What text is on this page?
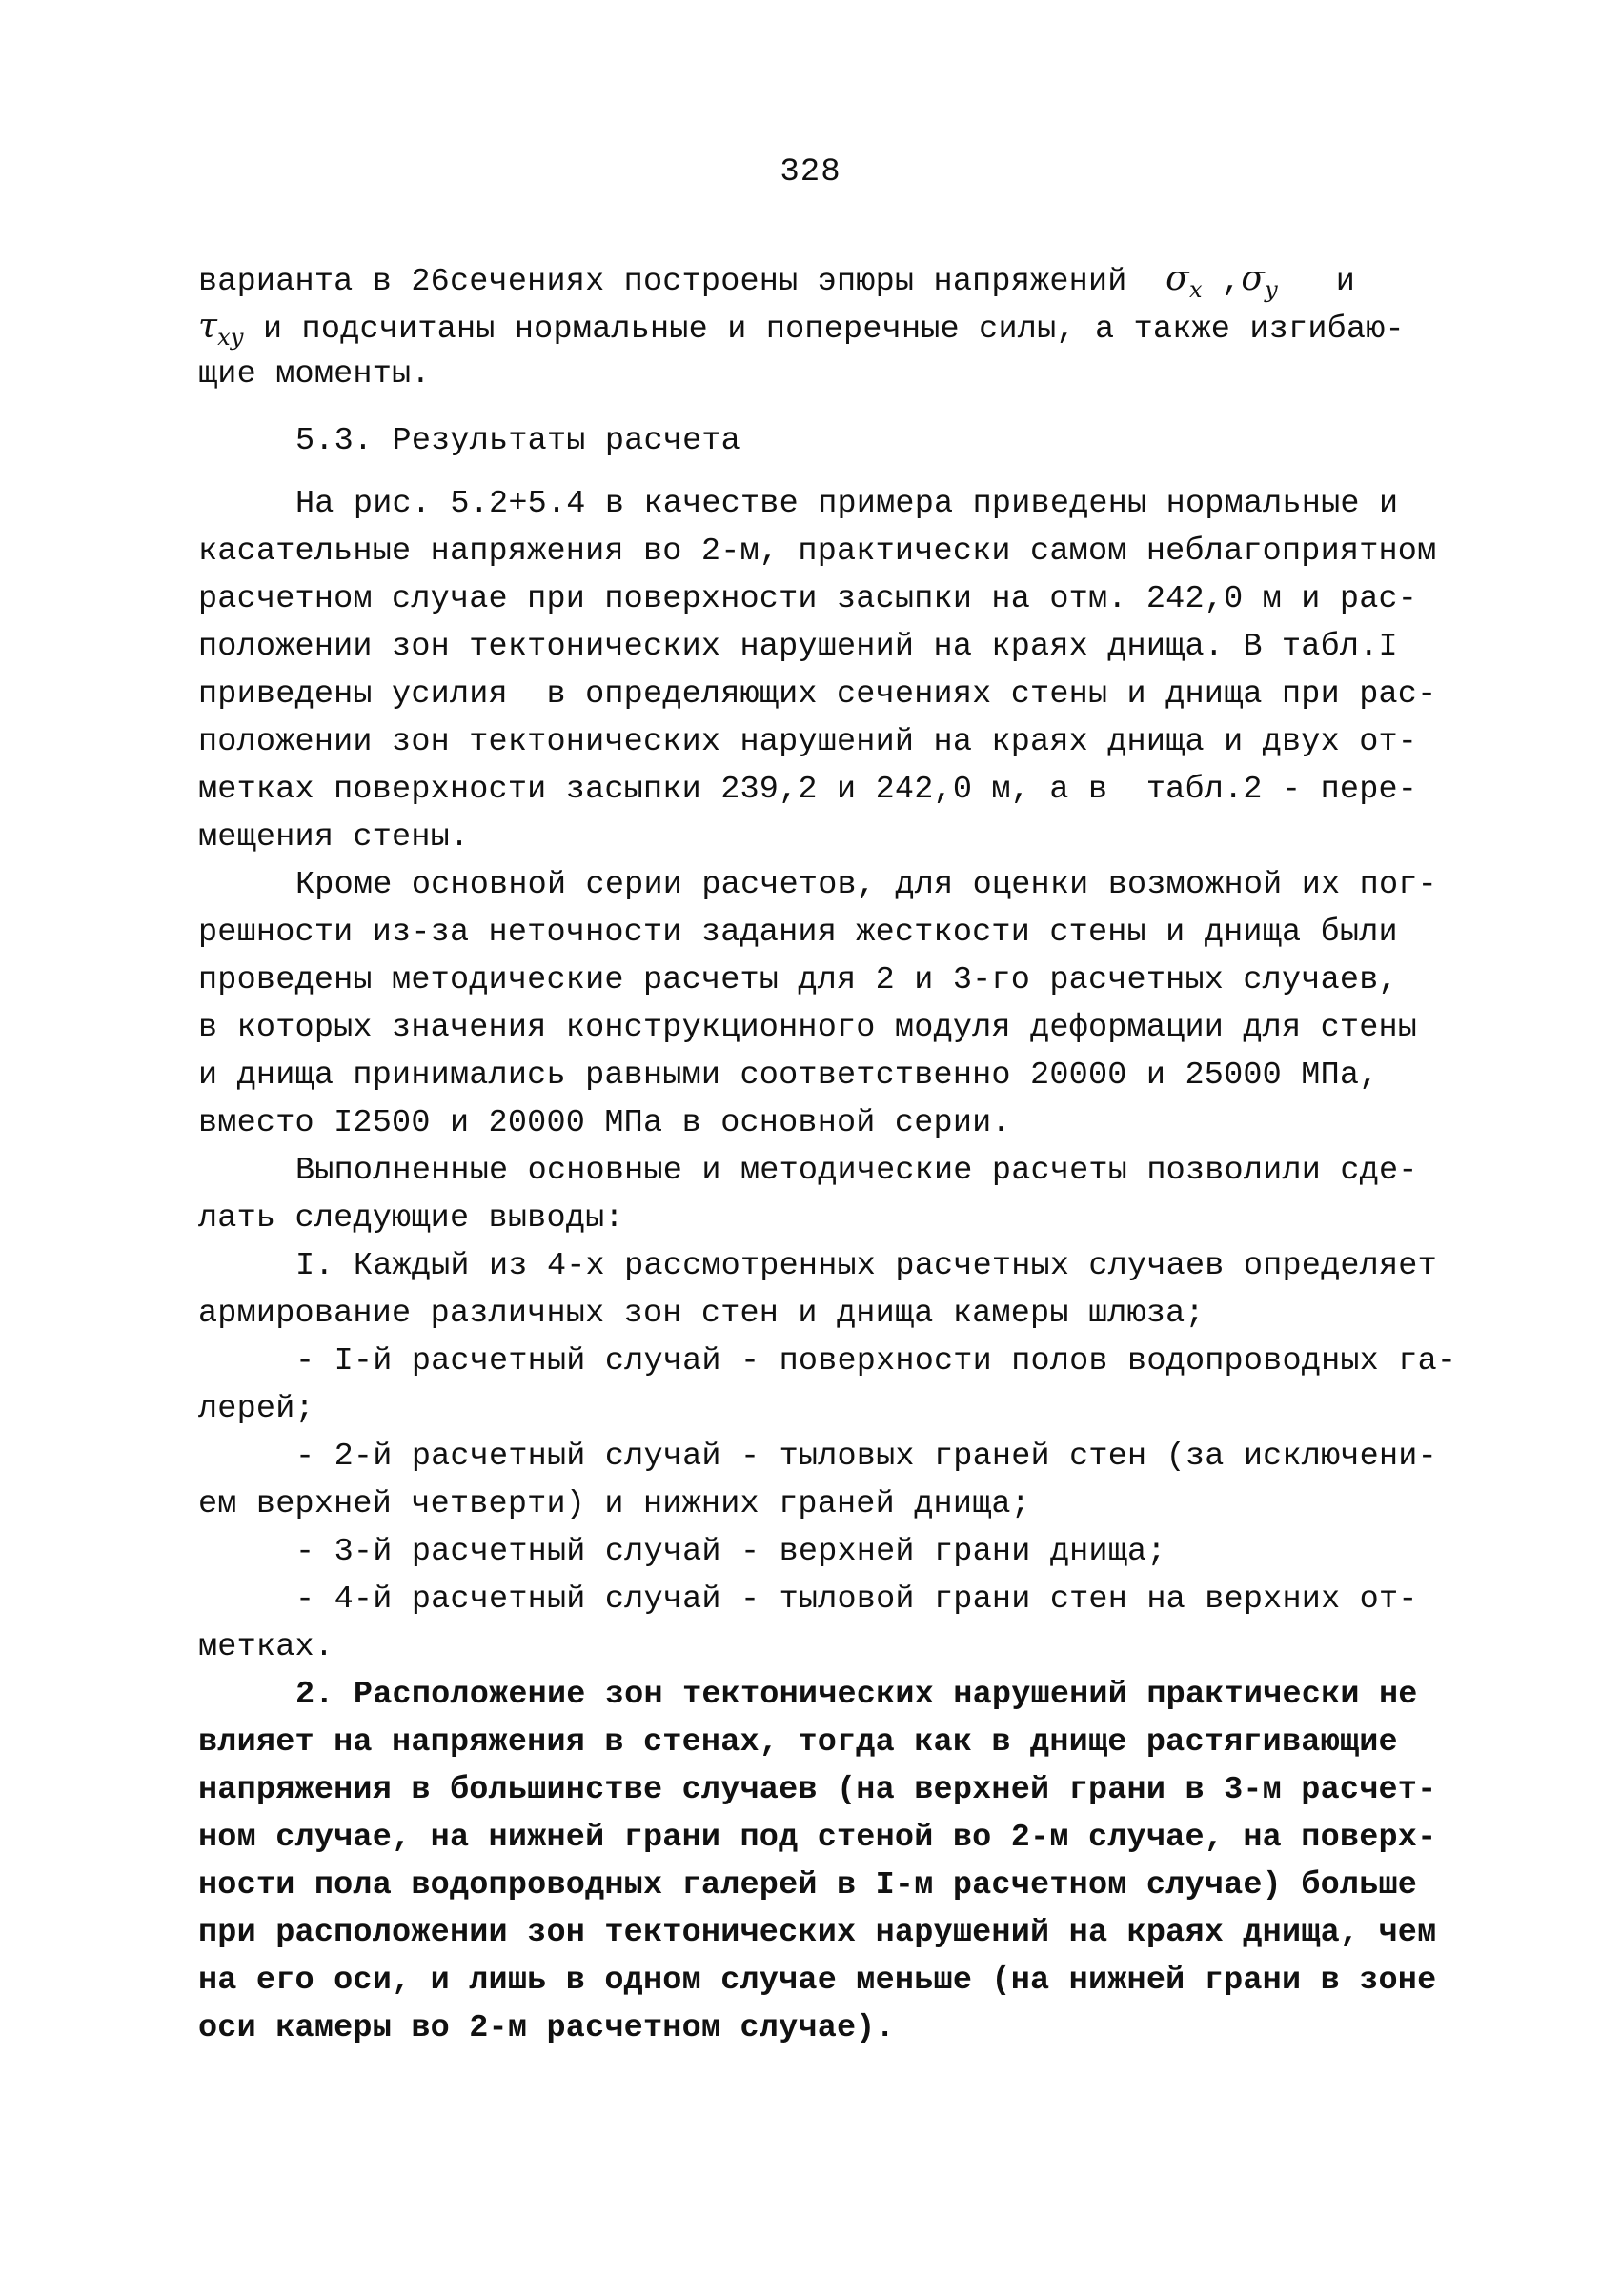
328
варианта в 26сечениях построены эпюры напряжений $\sigma_x$ $,\sigma_y$ и
$\tau_{xy}$ и подсчитаны нормальные и поперечные силы, а также изгибаю-
щие моменты.
5.3. Результаты расчета
На рис. 5.2+5.4 в качестве примера приведены нормальные и
касательные напряжения во 2-м, практически самом неблагоприятном
расчетном случае при поверхности засыпки на отм. 242,0 м и рас-
положении зон тектонических нарушений на краях днища. В табл.I
приведены усилия  в определяющих сечениях стены и днища при рас-
положении зон тектонических нарушений на краях днища и двух от-
метках поверхности засыпки 239,2 и 242,0 м, а в  табл.2 - пере-
мещения стены.
Кроме основной серии расчетов, для оценки возможной их пог-
решности из-за неточности задания жесткости стены и днища были
проведены методические расчеты для 2 и 3-го расчетных случаев,
в которых значения конструкционного модуля деформации для стены
и днища принимались равными соответственно 20000 и 25000 МПа,
вместо I2500 и 20000 МПа в основной серии.
Выполненные основные и методические расчеты позволили сде-
лать следующие выводы:
I. Каждый из 4-х рассмотренных расчетных случаев определяет
армирование различных зон стен и днища камеры шлюза;
- I-й расчетный случай - поверхности полов водопроводных га-
лерей;
- 2-й расчетный случай - тыловых граней стен (за исключени-
ем верхней четверти) и нижних граней днища;
- 3-й расчетный случай - верхней грани днища;
- 4-й расчетный случай - тыловой грани стен на верхних от-
метках.
2. Расположение зон тектонических нарушений практически не
влияет на напряжения в стенах, тогда как в днище растягивающие
напряжения в большинстве случаев (на верхней грани в 3-м расчет-
ном случае, на нижней грани под стеной во 2-м случае, на поверх-
ности пола водопроводных галерей в I-м расчетном случае) больше
при расположении зон тектонических нарушений на краях днища, чем
на его оси, и лишь в одном случае меньше (на нижней грани в зоне
оси камеры во 2-м расчетном случае).
